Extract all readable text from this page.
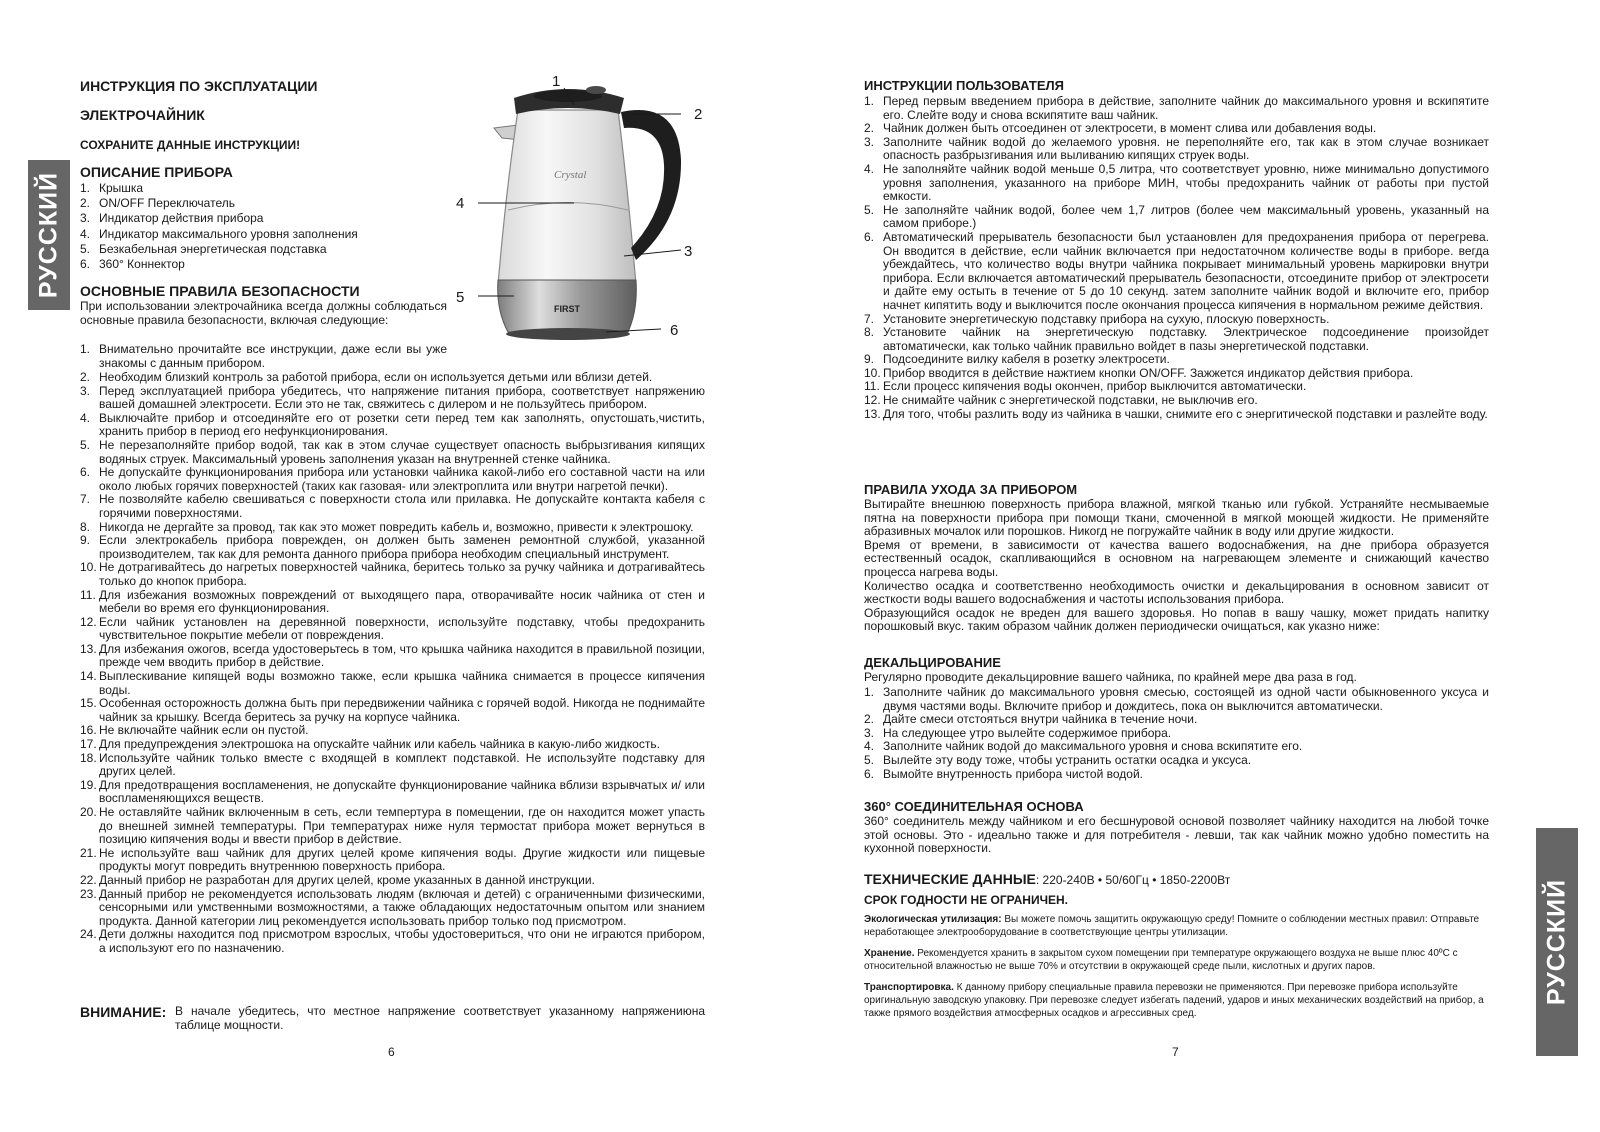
РУССКИЙ
ИНСТРУКЦИЯ ПО ЭКСПЛУАТАЦИИ
ЭЛЕКТРОЧАЙНИК
СОХРАНИТЕ ДАННЫЕ ИНСТРУКЦИИ!
ОПИСАНИЕ ПРИБОРА
1. Крышка
2. ON/OFF Переключатель
3. Индикатор действия прибора
4. Индикатор максимального уровня заполнения
5. Безкабельная энергетическая подставка
6. 360° Коннектор
Crystal
FIRST
1
2
3
4
5
6
ОСНОВНЫЕ ПРАВИЛА БЕЗОПАСНОСТИ

При использовании электрочайника всегда должны соблюдаться основные правила безопасности, включая следующие:

1. Внимательно прочитайте все инструкции, даже если вы уже знакомы с данным прибором.
2. Необходим близкий контроль за работой прибора, если он используется детьми или вблизи детей.
3. Перед эксплуатацией прибора убедитесь, что напряжение питания прибора, соответствует напряжению вашей домашней электросети. Если это не так, свяжитесь с дилером и не пользуйтесь прибором.
4. Выключайте прибор и отсоединяйте его от розетки сети перед тем как заполнять, опустошать,чистить, хранить прибор в период его нефункционирования.
5. Не перезаполняйте прибор водой, так как в этом случае существует опасность выбрызгивания кипящих водяных струек. Максимальный уровень заполнения указан на внутренней стенке чайника.
6. Не допускайте функционирования прибора или установки чайника какой-либо его составной части на или около любых горячих поверхностей (таких как газовая- или электроплита или внутри нагретой печки).
7. Не позволяйте кабелю свешиваться с поверхности стола или прилавка. Не допускайте контакта кабеля с горячими поверхностями.
8. Никогда не дергайте за провод, так как это может повредить кабель и, возможно, привести к электрошоку.
9. Если электрокабель прибора поврежден, он должен быть заменен ремонтной службой, указанной производителем, так как для ремонта данного прибора прибора необходим специальный инструмент.
10. Не дотрагивайтесь до нагретых поверхностей чайника, беритесь только за ручку чайника и дотрагивайтесь только до кнопок прибора.
11. Для избежания возможных повреждений от выходящего пара, отворачивайте носик чайника от стен и мебели во время его функционирования.
12. Если чайник установлен на деревянной поверхности, используйте подставку, чтобы предохранить чувствительное покрытие мебели от повреждения.
13. Для избежания ожогов, всегда удостоверьтесь в том, что крышка чайника находится в правильной позиции, прежде чем вводить прибор в действие.
14. Выплескивание кипящей воды возможно также, если крышка чайника снимается в процессе кипячения воды.
15. Особенная осторожность должна быть при передвижении чайника с горячей водой. Никогда не поднимайте чайник за крышку. Всегда беритесь за ручку на корпусе чайника.
16. Не включайте чайник если он пустой.
17. Для предупреждения электрошока на опускайте чайник или кабель чайника в какую-либо жидкость.
18. Используйте чайник только вместе с входящей в комплект подставкой. Не используйте подставку для других целей.
19. Для предотвращения воспламенения, не допускайте функционирование чайника вблизи взрывчатых и/ или воспламеняющихся веществ.
20. Не оставляйте чайник включенным в сеть, если темпертура в помещении, где он находится может упасть до внешней зимней температуры. При температурах ниже нуля термостат прибора может вернуться в позицию кипячения воды и ввести прибор в действие.
21. Не используйте ваш чайник для других целей кроме кипячения воды. Другие жидкости или пищевые продукты могут повредить внутреннюю поверхность прибора.
22. Данный прибор не разработан для других целей, кроме указанных в данной инструкции.
23. Данный прибор не рекомендуется использовать людям (включая и детей) с ограниченными физическими, сенсорными или умственными возможностями, а также обладающих недостаточным опытом или знанием продукта. Данной категории лиц рекомендуется использовать прибор только под присмотром.
24. Дети должны находится под присмотром взрослых, чтобы удостовериться, что они не играются прибором, а используют его по назначению.
ВНИМАНИЕ: В начале убедитесь, что местное напряжение соответствует указанному напряжениюна таблице мощности.

6
ИНСТРУКЦИИ ПОЛЬЗОВАТЕЛЯ
1. Перед первым введением прибора в действие, заполните чайник до максимального уровня и вскипятите его. Слейте воду и снова вскипятите ваш чайник.
2. Чайник должен быть отсоединен от электросети, в момент слива или добавления воды.
3. Заполните чайник водой до желаемого уровня. не переполняйте его, так как в этом случае возникает опасность разбрызгивания или выливанию кипящих струек воды.
4. Не заполняйте чайник водой меньше 0,5 литра, что соответствует уровню, ниже минимально допустимого уровня заполнения, указанного на приборе МИН, чтобы предохранить чайник от работы при пустой емкости.
5. Не заполняйте чайник водой, более чем 1,7 литров (более чем максимальный уровень, указанный на самом приборе.)
6. Автоматический прерыватель безопасности был устаановлен для предохранения прибора от перегрева. Он вводится в действие, если чайник включается при недостаточном количестве воды в приборе. вегда убеждайтесь, что количество воды внутри чайника покрывает минимальный уровень маркировки внутри прибора. Если включается автоматический прерыватель безопасности, отсоедините прибор от электросети и дайте ему остыть в течение от 5 до 10 секунд. затем заполните чайник водой и включите его, прибор начнет кипятить воду и выключится после окончания процесса кипячения в нормальном режиме действия.
7. Установите энергетическую подставку прибора на сухую, плоскую поверхность.
8. Установите чайник на энергетическую подставку. Электрическое подсоединение произойдет автоматически, как только чайник правильно войдет в пазы энергетической подставки.
9. Подсоедините вилку кабеля в розетку электросети.
10. Прибор вводится в действие нажтием кнопки ON/OFF. Зажжется индикатор действия прибора.
11. Если процесс кипячения воды окончен, прибор выключится автоматически.
12. Не снимайте чайник с энергетической подставки, не выключив его.
13. Для того, чтобы разлить воду из чайника в чашки, снимите его с энергитической подставки и разлейте воду.
ПРАВИЛА УХОДА ЗА ПРИБОРОМ

Вытирайте внешнюю поверхность прибора влажной, мягкой тканью или губкой. Устраняйте несмываемые пятна на поверхности прибора при помощи ткани, смоченной в мягкой моющей жидкости. Не применяйте абразивных мочалок или порошков. Никогд не погружайте чайник в воду или другие жидкости.

Время от времени, в зависимости от качества вашего водоснабжения, на дне прибора образуется естественный осадок, скапливающийся в основном на нагревающем элементе и снижающий качество процесса нагрева воды.

Количество осадка и соответственно необходимость очистки и декальцирования в основном зависит от жесткости воды вашего водоснабжения и частоты использования прибора.

Образующийся осадок не вреден для вашего здоровья. Но попав в вашу чашку, может придать напитку порошковый вкус. таким образом чайник должен периодически очищаться, как указно ниже:

ДЕКАЛЬЦИРОВАНИЕ

Регулярно проводите декальцировние вашего чайника, по крайней мере два раза в год.

1. Заполните чайник до максимального уровня смесью, состоящей из одной части обыкновенного уксуса и двумя частями воды. Включите прибор и дождитесь, пока он выключится автоматически.
2. Дайте смеси отстояться внутри чайника в течение ночи.
3. На следующее утро вылейте содержимое прибора.
4. Заполните чайник водой до максимального уровня и снова вскипятите его.
5. Вылейте эту воду тоже, чтобы устранить остатки осадка и уксуса.
6. Вымойте внутренность прибора чистой водой.
360° СОЕДИНИТЕЛЬНАЯ ОСНОВА

360° соединитель между чайником и его бесшнуровой основой позволяет чайнику находится на любой точке этой основы. Это - идеально также и для потребителя - левши, так как чайник можно удобно поместить на кухонной поверхности.

ТЕХНИЧЕСКИЕ ДАННЫЕ: 220-240В • 50/60Гц • 1850-2200Вт
СРОК ГОДНОСТИ НЕ ОГРАНИЧЕН.

Экологическая утилизация: Вы можете помочь защитить окружающую среду! Помните о соблюдении местных правил: Отправьте неработающее электрооборудование в соответствующие центры утилизации.

Хранение. Рекомендуется хранить в закрытом сухом помещении при температуре окружающего воздуха не выше плюс 40ºС с относительной влажностью не выше 70% и отсутствии в окружающей среде пыли, кислотных и других паров.

Транспортировка. К данному прибору специальные правила перевозки не применяются. При перевозке прибора используйте оригинальную заводскую упаковку. При перевозке следует избегать падений, ударов и иных механических воздействий на прибор, а также прямого воздействия атмосферных осадков и агрессивных сред.

7
РУССКИЙ
